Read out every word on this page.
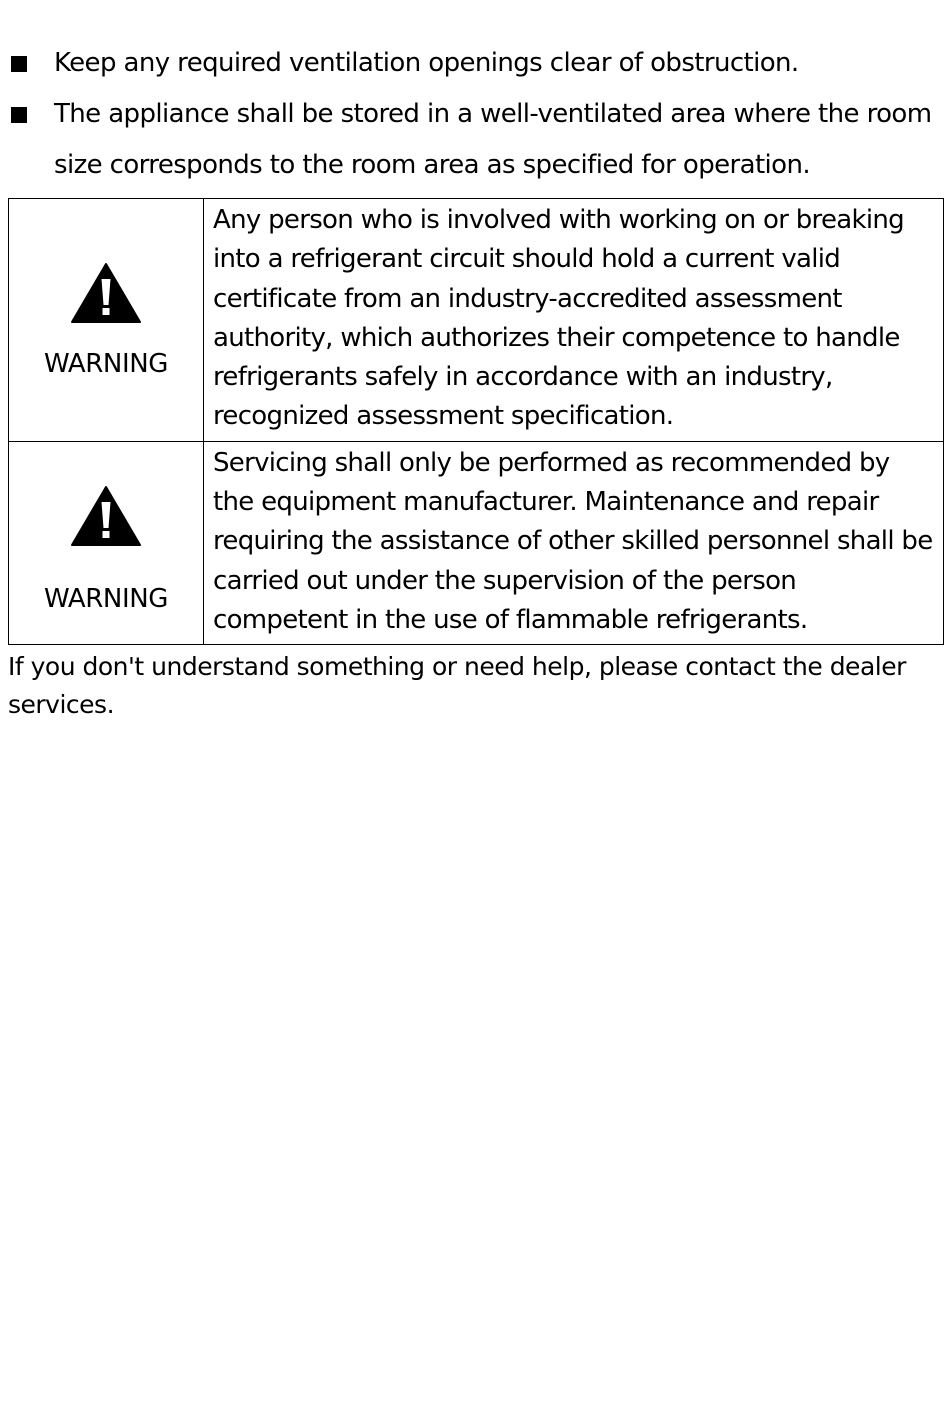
Keep any required ventilation openings clear of obstruction.
The appliance shall be stored in a well-ventilated area where the room size corresponds to the room area as specified for operation.
WARNING	Any person who is involved with working on or breaking into a refrigerant circuit should hold a current valid certificate from an industry-accredited assessment authority, which authorizes their competence to handle refrigerants safely in accordance with an industry, recognized assessment specification.

WARNING	Servicing shall only be performed as recommended by the equipment manufacturer. Maintenance and repair requiring the assistance of other skilled personnel shall be carried out under the supervision of the person competent in the use of flammable refrigerants.

If you don't understand something or need help, please contact the dealer services.
